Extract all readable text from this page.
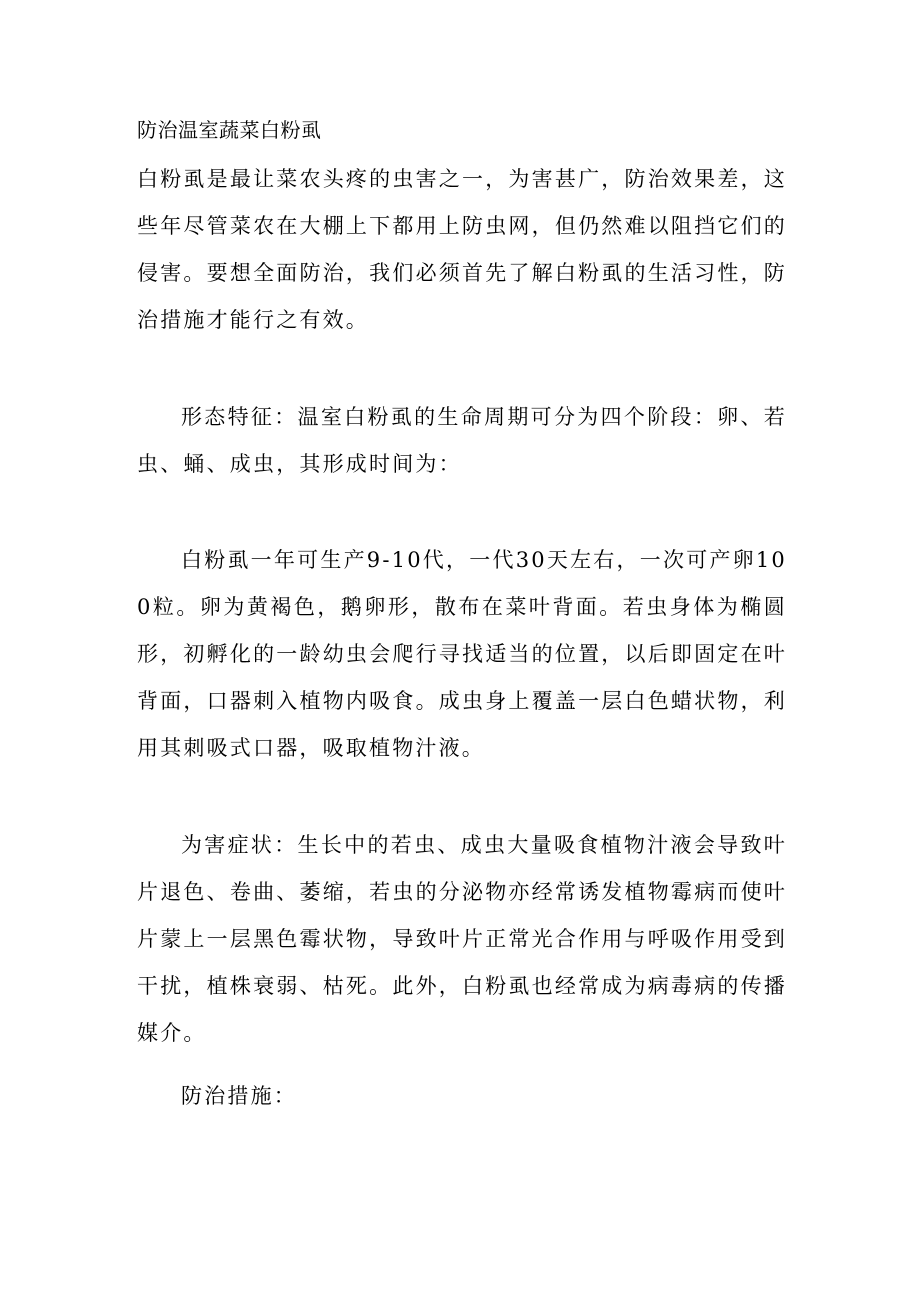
防治温室蔬菜白粉虱

白粉虱是最让菜农头疼的虫害之一，为害甚广，防治效果差，这些年尽管菜农在大棚上下都用上防虫网，但仍然难以阻挡它们的侵害。要想全面防治，我们必须首先了解白粉虱的生活习性，防治措施才能行之有效。

形态特征：温室白粉虱的生命周期可分为四个阶段：卵、若虫、蛹、成虫，其形成时间为：

白粉虱一年可生产9-10代，一代30天左右，一次可产卵100粒。卵为黄褐色，鹅卵形，散布在菜叶背面。若虫身体为椭圆形，初孵化的一龄幼虫会爬行寻找适当的位置，以后即固定在叶背面，口器刺入植物内吸食。成虫身上覆盖一层白色蜡状物，利用其刺吸式口器，吸取植物汁液。

为害症状：生长中的若虫、成虫大量吸食植物汁液会导致叶片退色、卷曲、萎缩，若虫的分泌物亦经常诱发植物霉病而使叶片蒙上一层黑色霉状物，导致叶片正常光合作用与呼吸作用受到干扰，植株衰弱、枯死。此外，白粉虱也经常成为病毒病的传播媒介。

防治措施：
